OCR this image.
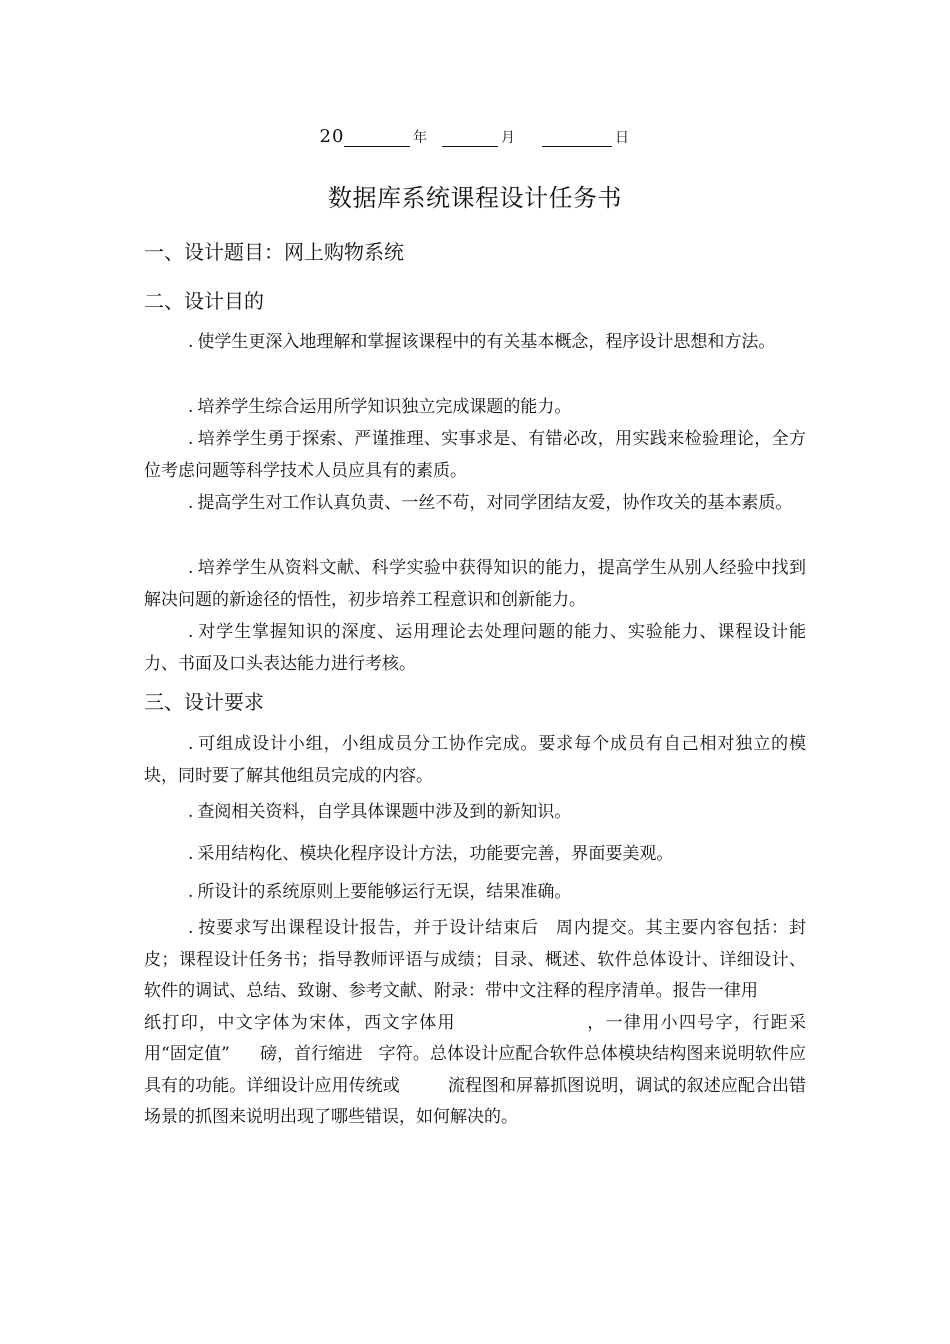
20	年	月	日
数据库系统课程设计任务书
一、设计题目：网上购物系统
二、设计目的

. 使学生更深入地理解和掌握该课程中的有关基本概念，程序设计思想和方法。

. 培养学生综合运用所学知识独立完成课题的能力。

. 培养学生勇于探索、严谨推理、实事求是、有错必改，用实践来检验理论，全方位考虑问题等科学技术人员应具有的素质。

. 提高学生对工作认真负责、一丝不苟，对同学团结友爱，协作攻关的基本素质。

. 培养学生从资料文献、科学实验中获得知识的能力，提高学生从别人经验中找到解决问题的新途径的悟性，初步培养工程意识和创新能力。

. 对学生掌握知识的深度、运用理论去处理问题的能力、实验能力、课程设计能力、书面及口头表达能力进行考核。

三、设计要求

. 可组成设计小组，小组成员分工协作完成。要求每个成员有自己相对独立的模块，同时要了解其他组员完成的内容。

. 查阅相关资料，自学具体课题中涉及到的新知识。

. 采用结构化、模块化程序设计方法，功能要完善，界面要美观。

. 所设计的系统原则上要能够运行无误，结果准确。

. 按要求写出课程设计报告，并于设计结束后 周内提交。其主要内容包括：封皮；课程设计任务书；指导教师评语与成绩；目录、概述、软件总体设计、详细设计、软件的调试、总结、致谢、参考文献、附录：带中文注释的程序清单。报告一律用纸打印，中文字体为宋体，西文字体用	，一律用小四号字，行距采用“固定值” 磅，首行缩进 字符。总体设计应配合软件总体模块结构图来说明软件应具有的功能。详细设计应用传统或	流程图和屏幕抓图说明，调试的叙述应配合出错场景的抓图来说明出现了哪些错误，如何解决的。
